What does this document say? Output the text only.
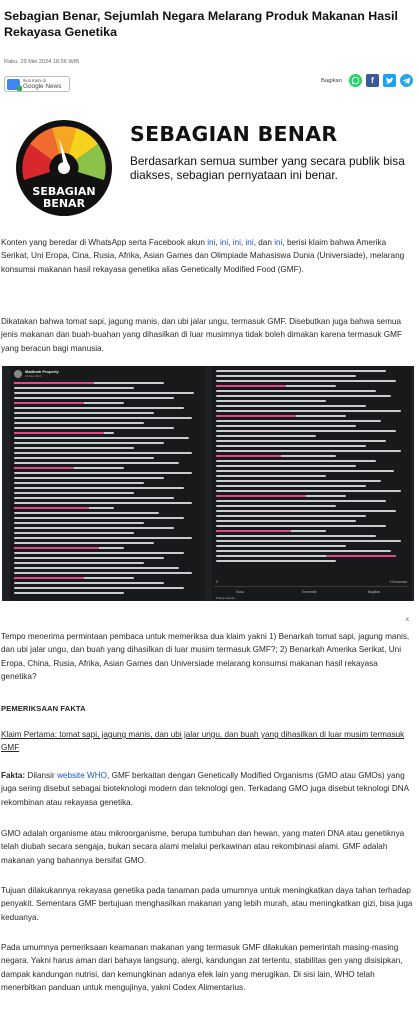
Sebagian Benar, Sejumlah Negara Melarang Produk Makanan Hasil Rekayasa Genetika
Rabu, 29 Mei 2024 18:56 WIB
Ikuti Kami di
Google News
Bagikan	f
SEBAGIAN
BENAR
SEBAGIAN BENAR
Berdasarkan semua sumber yang secara publik bisa diakses, sebagian pernyataan ini benar.

Konten yang beredar di WhatsApp serta Facebook akun ini, ini, ini, ini, dan ini, berisi klaim bahwa Amerika Serikat, Uni Eropa, Cina, Rusia, Afrika, Asian Games dan Olimpiade Mahasiswa Dunia (Universiade), melarang konsumsi makanan hasil rekayasa genetika alias Genetically Modified Food (GMF).

Dikatakan bahwa tomat sapi, jagung manis, dan ubi jalar ungu, termasuk GMF. Disebutkan juga bahwa semua jenis makanan dan buah-buahan yang dihasilkan di luar musimnya tidak boleh dimakan karena termasuk GMF yang beracun bagi manusia.

Madinah Property
15 Mei 2024
5	3 Komentar
Suka	Komentar	Bagikan
Paling relevan
x

Tempo menerima permintaan pembaca untuk memeriksa dua klaim yakni 1) Benarkah tomat sapi, jagung manis, dan ubi jalar ungu, dan buah yang dihasilkan di luar musim termasuk GMF?; 2) Benarkah Amerika Serikat, Uni Eropa, China, Rusia, Afrika, Asian Games dan Universiade melarang konsumsi makanan hasil rekayasa genetika?

PEMERIKSAAN FAKTA

Klaim Pertama: tomat sapi, jagung manis, dan ubi jalar ungu, dan buah yang dihasilkan di luar musim termasuk GMF

Fakta: Dilansir website WHO, GMF berkaitan dengan Genetically Modified Organisms (GMO atau GMOs) yang juga sering disebut sebagai bioteknologi modern dan teknologi gen. Terkadang GMO juga disebut teknologi DNA rekombinan atau rekayasa genetika.

GMO adalah organisme atau mikroorganisme, berupa tumbuhan dan hewan, yang materi DNA atau genetiknya telah diubah secara sengaja, bukan secara alami melalui perkawinan atau rekombinasi alami. GMF adalah makanan yang bahannya bersifat GMO.

Tujuan dilakukannya rekayasa genetika pada tanaman pada umumnya untuk meningkatkan daya tahan terhadap penyakit. Sementara GMF bertujuan menghasilkan makanan yang lebih murah, atau meningkatkan gizi, bisa juga keduanya.

Pada umumnya pemeriksaan keamanan makanan yang termasuk GMF dilakukan pemerintah masing-masing negara. Yakni harus aman dari bahaya langsung, alergi, kandungan zat tertentu, stabilitas gen yang disisipkan, dampak kandungan nutrisi, dan kemungkinan adanya efek lain yang merugikan. Di sisi lain, WHO telah menerbitkan panduan untuk mengujinya, yakni Codex Alimentarius.
